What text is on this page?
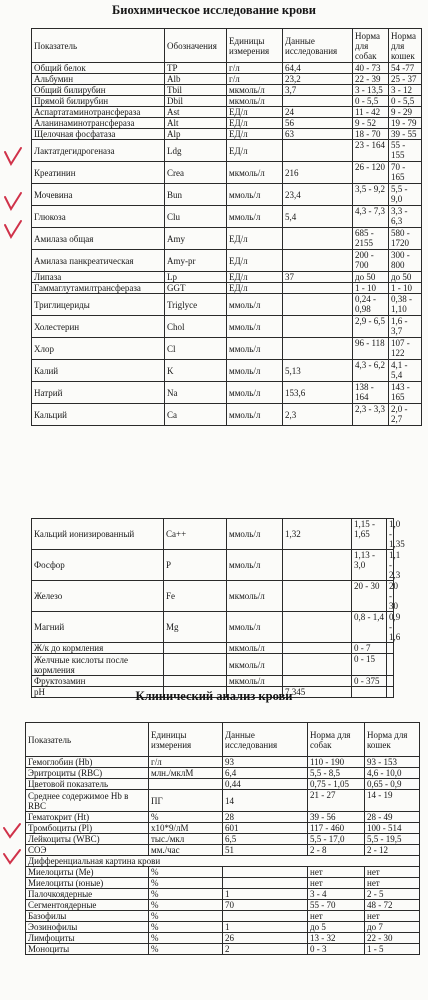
Биохимическое исследование крови
Показатель	Обозначения	Единицы измерения	Данные исследования	Норма для собак	Норма для кошек
Общий белок	TP	г/л	64,4	40 - 73	54 -77
Альбумин	Alb	г/л	23,2	22 - 39	25 - 37
Общий билирубин	Tbil	мкмоль/л	3,7	3 - 13,5	3 - 12
Прямой билирубин	Dbil	мкмоль/л		0 - 5,5	0 - 5,5
Аспартатаминотрансфераза	Ast	ЕД/л	24	11 - 42	9 - 29
Аланинаминотрансфераза	Alt	ЕД/л	56	9 - 52	19 - 79
Щелочная фосфатаза	Alp	ЕД/л	63	18 - 70	39 - 55
Лактатдегидрогеназа	Ldg	ЕД/л		23 - 164	55 - 155
Креатинин	Crea	мкмоль/л	216	26 - 120	70 - 165
Мочевина	Bun	ммоль/л	23,4	3,5 - 9,2	5,5 - 9,0
Глюкоза	Clu	ммоль/л	5,4	4,3 - 7,3	3,3 - 6,3
Амилаза общая	Amy	ЕД/л		685 - 2155	580 - 1720
Амилаза панкреатическая	Amy-pr	ЕД/л		200 - 700	300 - 800
Липаза	Lp	ЕД/л	37	до 50	до 50
Гаммаглутамилтрансфераза	GGT	ЕД/л		1 - 10	1 - 10
Триглицериды	Triglyce	ммоль/л		0,24 - 0,98	0,38 - 1,10
Холестерин	Chol	ммоль/л		2,9 - 6,5	1,6 - 3,7
Хлор	Cl	ммоль/л		96 - 118	107 - 122
Калий	K	ммоль/л	5,13	4,3 - 6,2	4,1 - 5,4
Натрий	Na	ммоль/л	153,6	138 - 164	143 - 165
Кальций	Ca	ммоль/л	2,3	2,3 - 3,3	2,0 - 2,7
Кальций ионизированный	Ca++	ммоль/л	1,32	1,15 - 1,65	1,0 - 1,35
Фосфор	P	ммоль/л		1,13 - 3,0	1,1 - 2,3
Железо	Fe	мкмоль/л		20 - 30	20 - 30
Магний	Mg	ммоль/л		0,8 - 1,4	0,9 - 1,6
Ж/к до кормления		мкмоль/л		0 - 7	
Желчные кислоты после кормления		мкмоль/л		0 - 15	
Фруктозамин		мкмоль/л		0 - 375	
pH			7,345		
Клинический анализ крови
Показатель	Единицы измерения	Данные исследования	Норма для собак	Норма для кошек
Гемоглобин (Hb)	г/л	93	110 - 190	93 - 153
Эритроциты (RBC)	млн./мклМ	6,4	5,5 - 8,5	4,6 - 10,0
Цветовой показатель		0,44	0,75 - 1,05	0,65 - 0,9
Среднее содержимое Hb в RBC	ПГ	14	21 - 27	14 - 19
Гематокрит (Ht)	%	28	39 - 56	28 - 49
Тромбоциты (Pl)	x10*9/лМ	601	117 - 460	100 - 514
Лейкоциты (WBC)	тыс./мкл	6,5	5,5 - 17,0	5,5 - 19,5
СОЭ	мм./час	51	2 - 8	2 - 12
Дифференциальная картина крови				
Миелоциты (Ме)	%		нет	нет
Миелоциты (юные)	%		нет	нет
Палочкоядерные	%	1	3 - 4	2 - 5
Сегментоядерные	%	70	55 - 70	48 - 72
Базофилы	%		нет	нет
Эозинофилы	%	1	до 5	до 7
Лимфоциты	%	26	13 - 32	22 - 30
Моноциты	%	2	0 - 3	1 - 5
